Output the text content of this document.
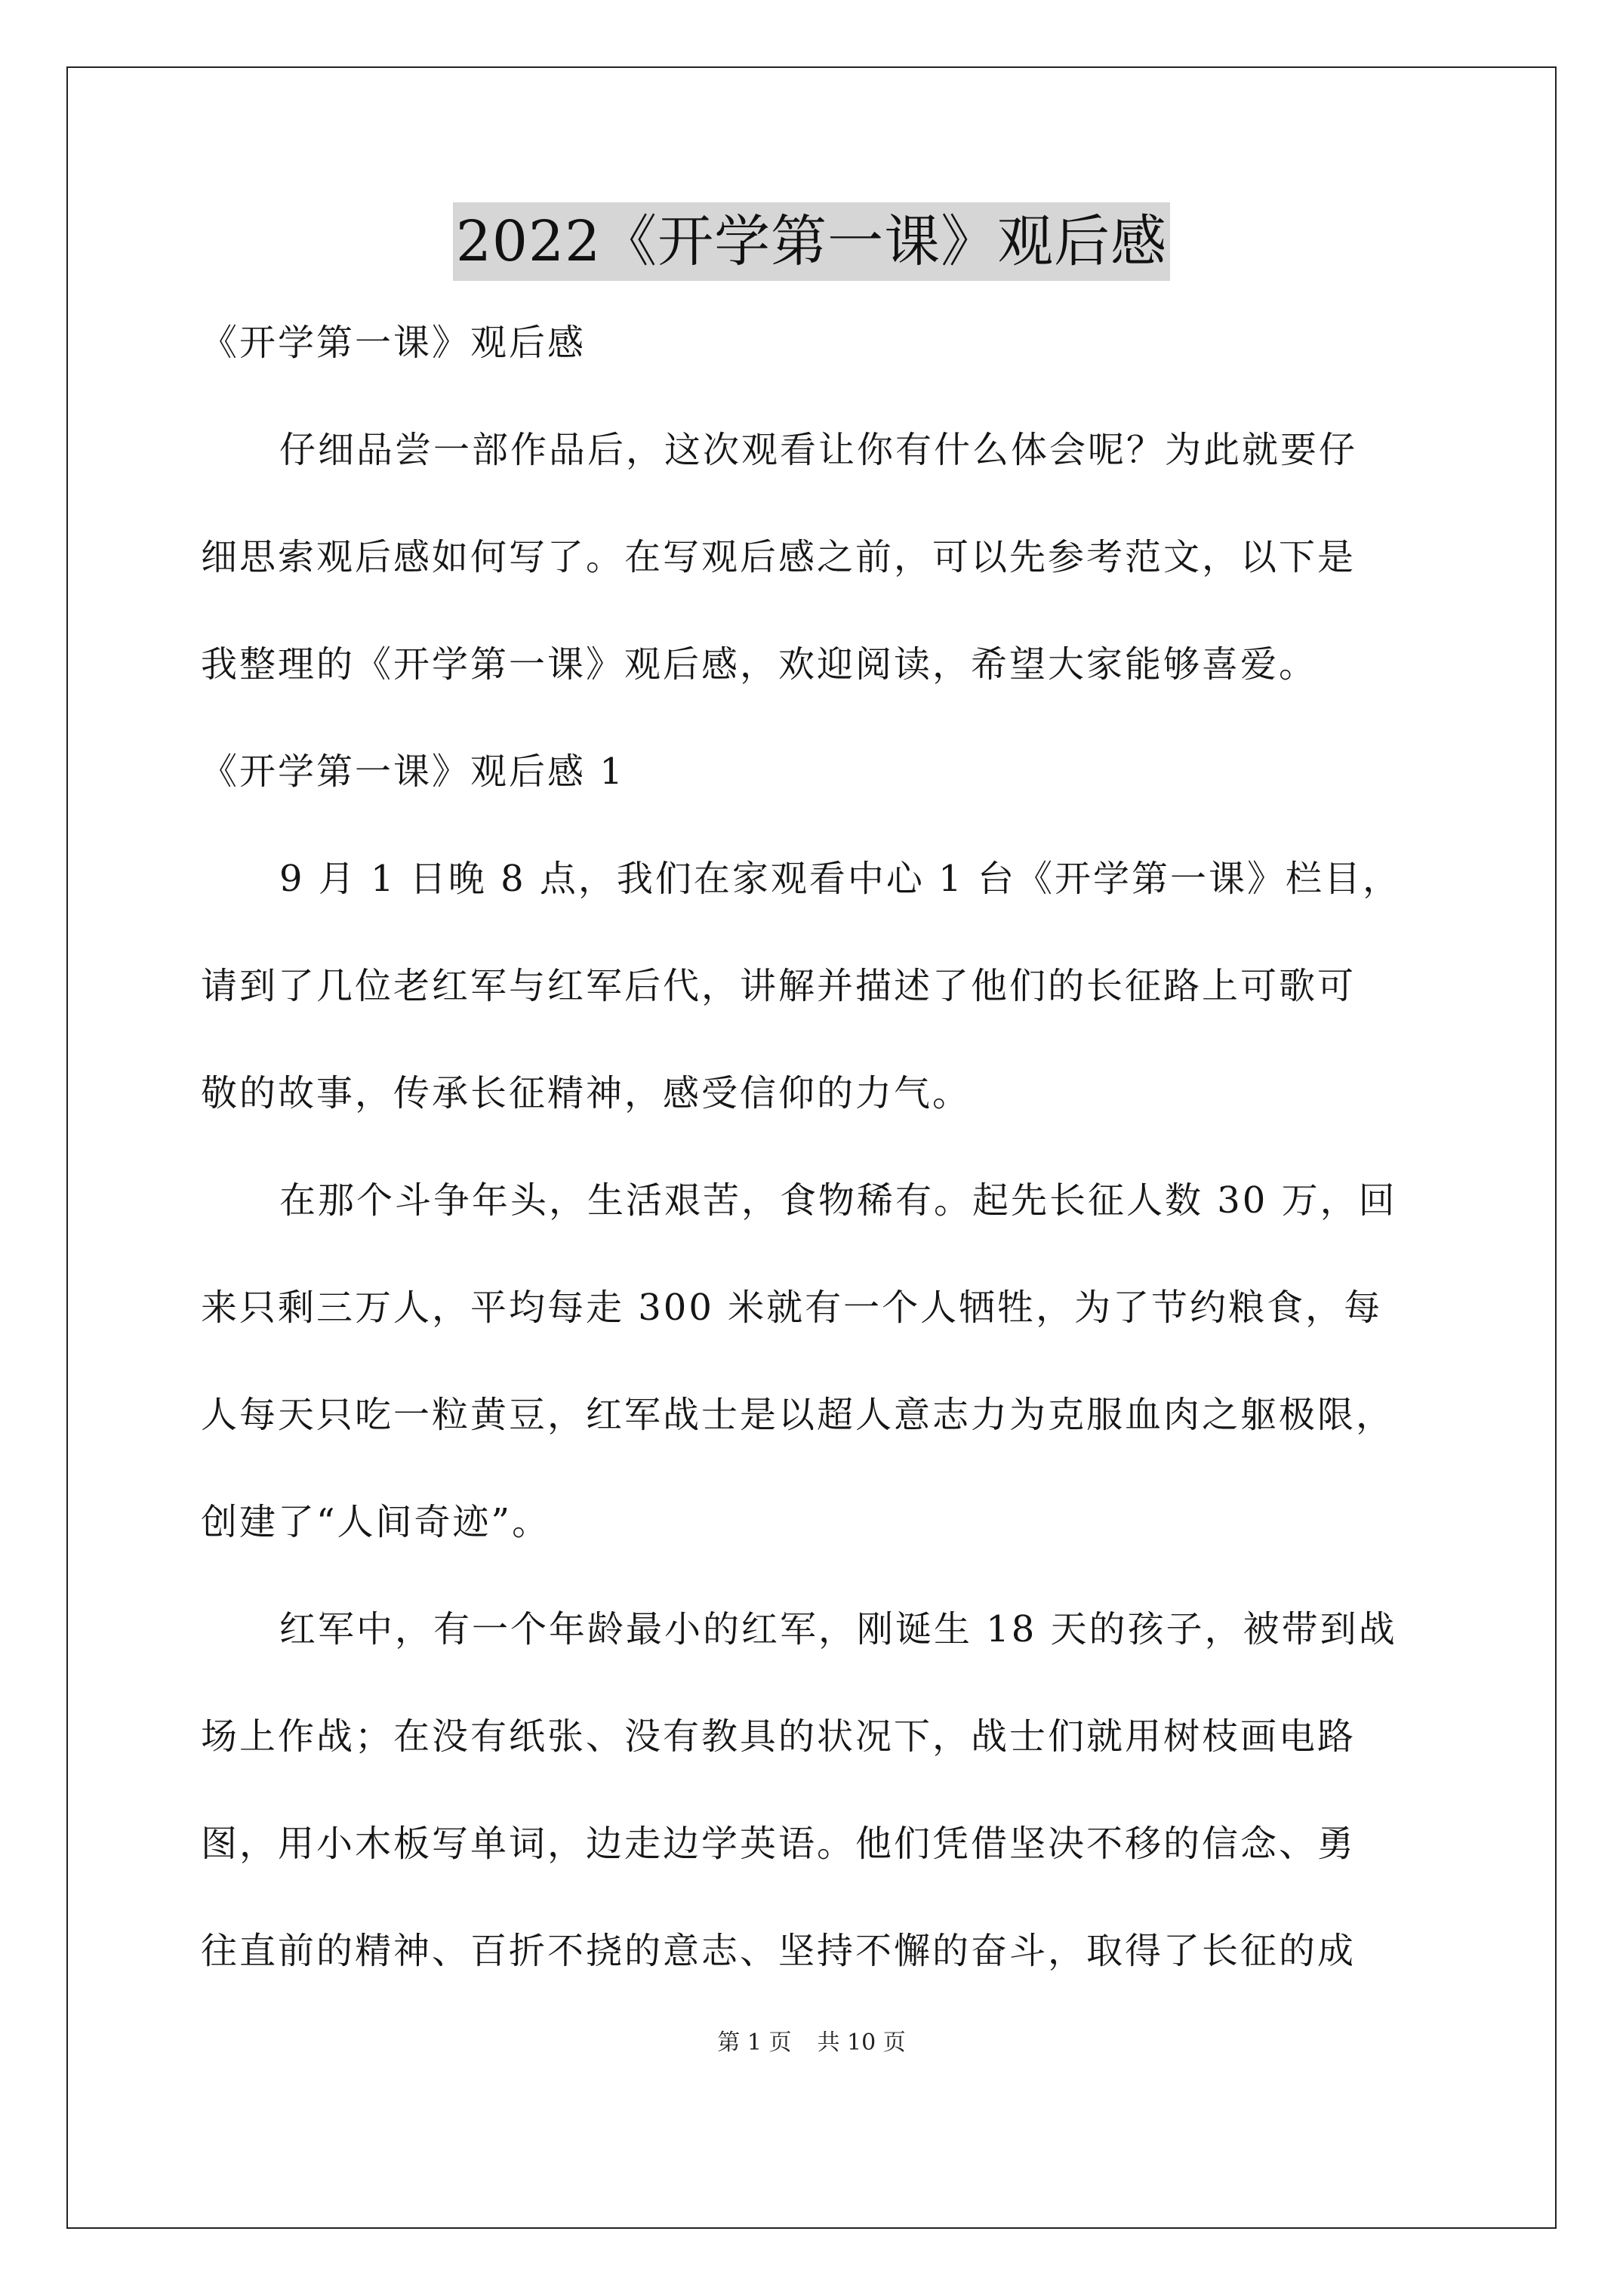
2022《开学第一课》观后感
《开学第一课》观后感
仔细品尝一部作品后，这次观看让你有什么体会呢？为此就要仔
细思索观后感如何写了。在写观后感之前，可以先参考范文，以下是
我整理的《开学第一课》观后感，欢迎阅读，希望大家能够喜爱。
《开学第一课》观后感 1
9 月 1 日晚 8 点，我们在家观看中心 1 台《开学第一课》栏目，
请到了几位老红军与红军后代，讲解并描述了他们的长征路上可歌可
敬的故事，传承长征精神，感受信仰的力气。
在那个斗争年头，生活艰苦，食物稀有。起先长征人数 30 万，回
来只剩三万人，平均每走 300 米就有一个人牺牲，为了节约粮食，每
人每天只吃一粒黄豆，红军战士是以超人意志力为克服血肉之躯极限，
创建了“人间奇迹”。
红军中，有一个年龄最小的红军，刚诞生 18 天的孩子，被带到战
场上作战；在没有纸张、没有教具的状况下，战士们就用树枝画电路
图，用小木板写单词，边走边学英语。他们凭借坚决不移的信念、勇
往直前的精神、百折不挠的意志、坚持不懈的奋斗，取得了长征的成
第 1 页 共 10 页
